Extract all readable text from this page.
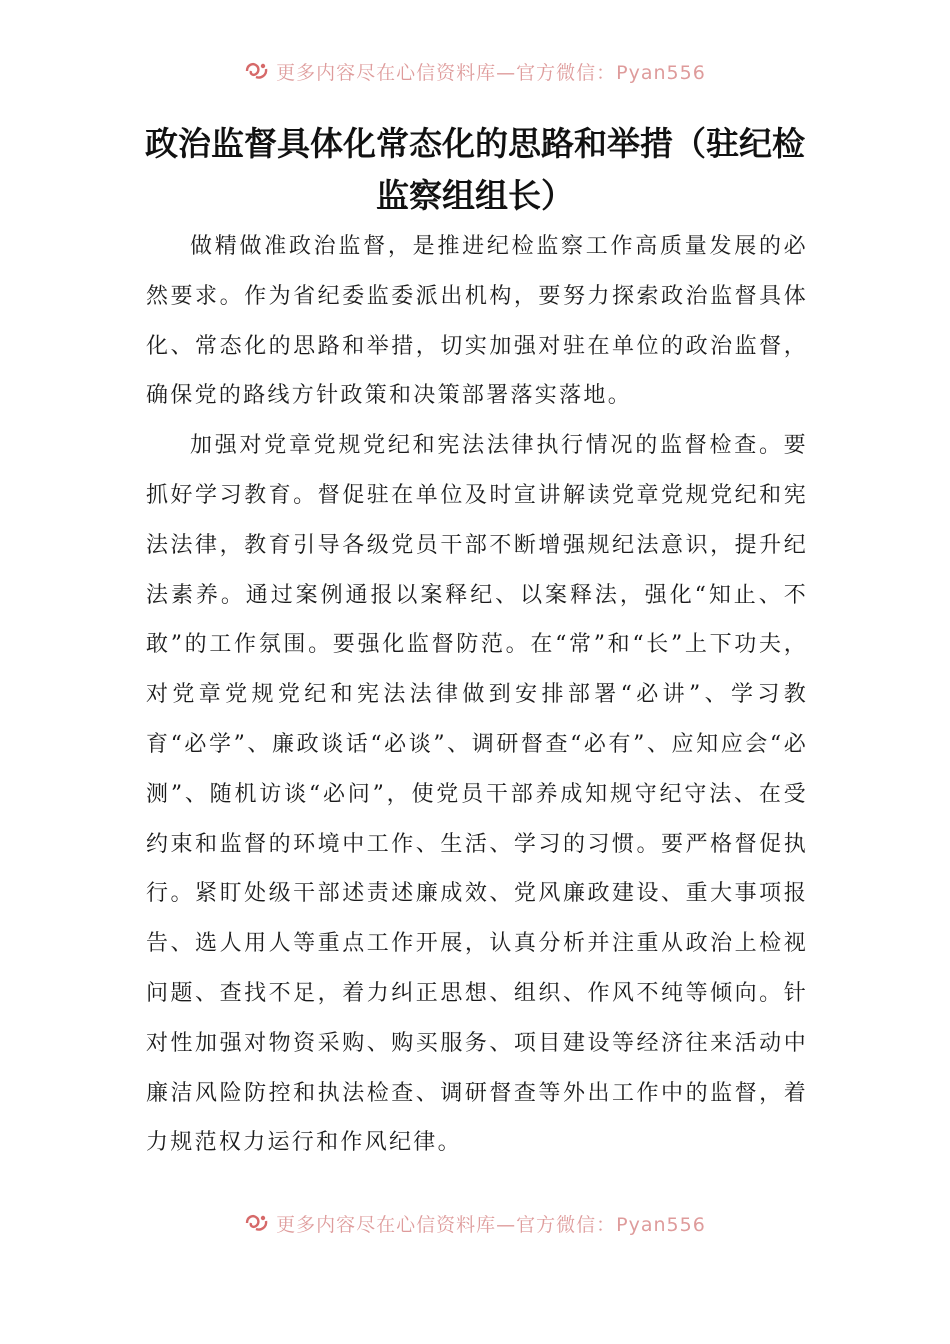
更多内容尽在心信资料库—官方微信：Pyan556
政治监督具体化常态化的思路和举措（驻纪检监察组组长）

做精做准政治监督，是推进纪检监察工作高质量发展的必然要求。作为省纪委监委派出机构，要努力探索政治监督具体化、常态化的思路和举措，切实加强对驻在单位的政治监督，确保党的路线方针政策和决策部署落实落地。

加强对党章党规党纪和宪法法律执行情况的监督检查。要抓好学习教育。督促驻在单位及时宣讲解读党章党规党纪和宪法法律，教育引导各级党员干部不断增强规纪法意识，提升纪法素养。通过案例通报以案释纪、以案释法，强化“知止、不敢”的工作氛围。要强化监督防范。在“常”和“长”上下功夫，对党章党规党纪和宪法法律做到安排部署“必讲”、学习教育“必学”、廉政谈话“必谈”、调研督查“必有”、应知应会“必测”、随机访谈“必问”，使党员干部养成知规守纪守法、在受约束和监督的环境中工作、生活、学习的习惯。要严格督促执行。紧盯处级干部述责述廉成效、党风廉政建设、重大事项报告、选人用人等重点工作开展，认真分析并注重从政治上检视问题、查找不足，着力纠正思想、组织、作风不纯等倾向。针对性加强对物资采购、购买服务、项目建设等经济往来活动中廉洁风险防控和执法检查、调研督查等外出工作中的监督，着力规范权力运行和作风纪律。

更多内容尽在心信资料库—官方微信：Pyan556
